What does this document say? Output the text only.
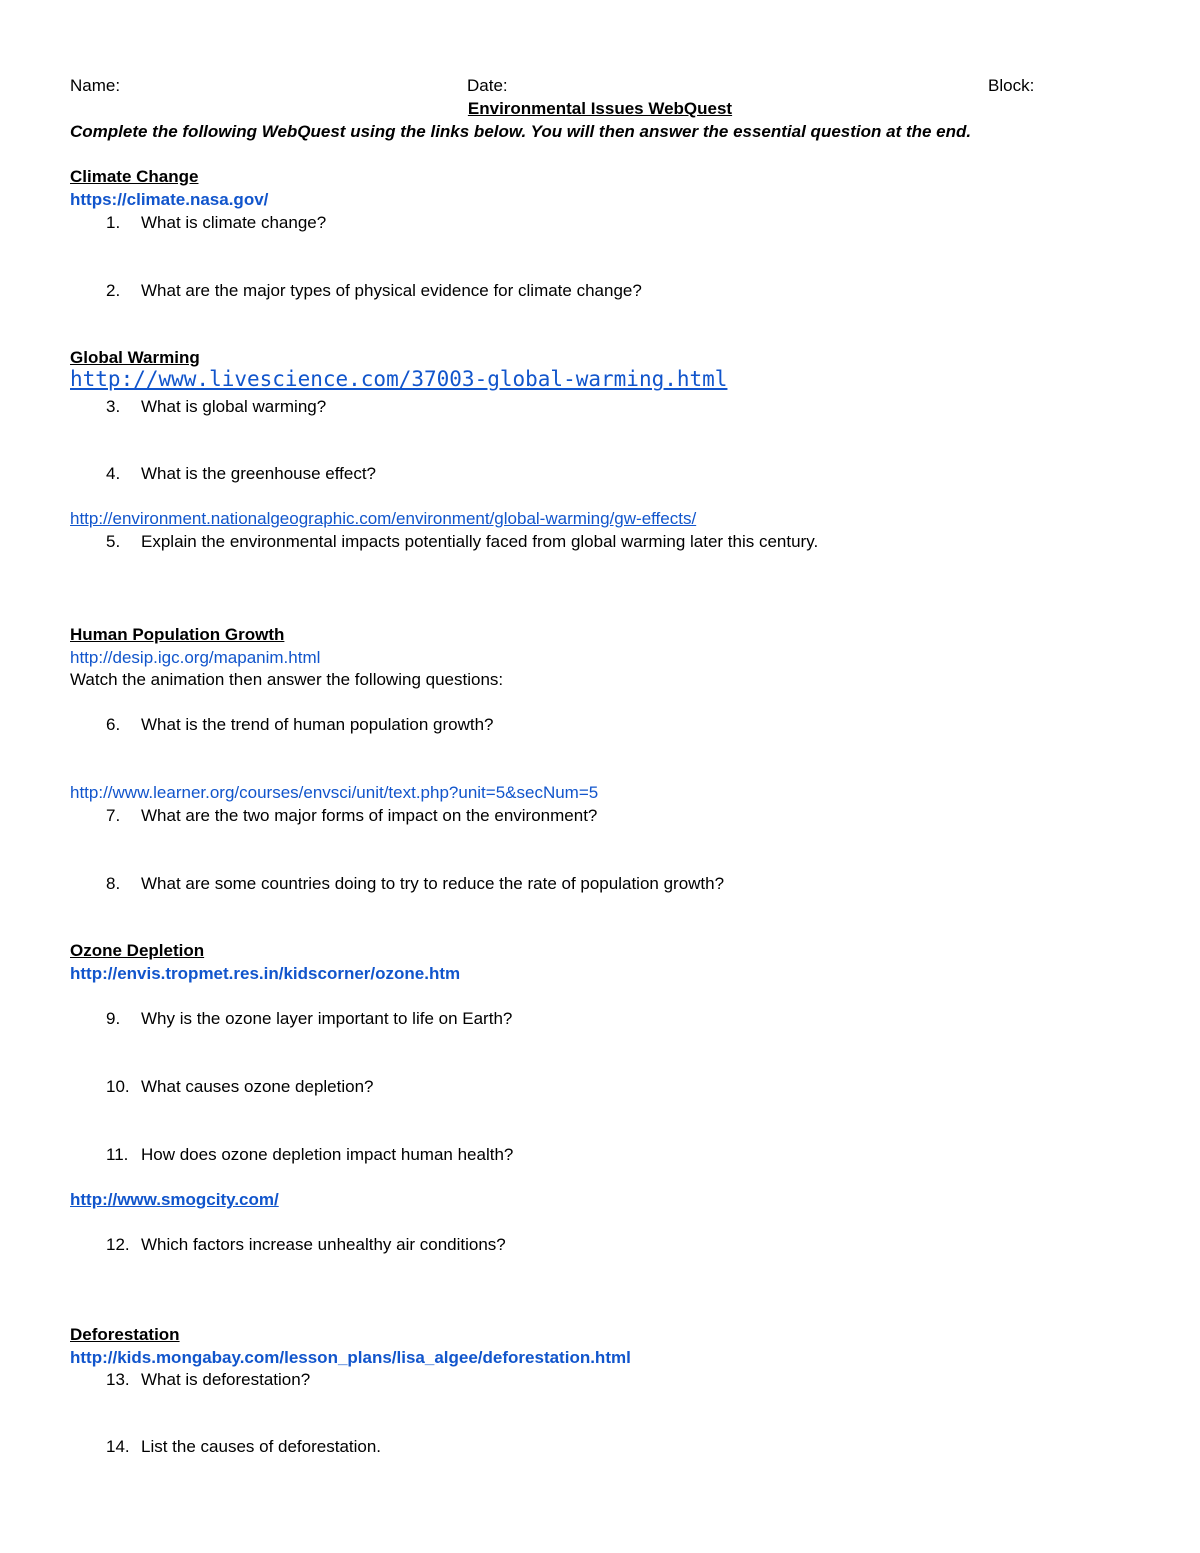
Name:	Date:	Block:
Environmental Issues WebQuest
Complete the following WebQuest using the links below. You will then answer the essential question at the end.
Climate Change
https://climate.nasa.gov/
1. What is climate change?
2. What are the major types of physical evidence for climate change?
Global Warming
http://www.livescience.com/37003-global-warming.html
3. What is global warming?
4. What is the greenhouse effect?
http://environment.nationalgeographic.com/environment/global-warming/gw-effects/
5. Explain the environmental impacts potentially faced from global warming later this century.
Human Population Growth
http://desip.igc.org/mapanim.html
Watch the animation then answer the following questions:
6. What is the trend of human population growth?
http://www.learner.org/courses/envsci/unit/text.php?unit=5&secNum=5
7. What are the two major forms of impact on the environment?
8. What are some countries doing to try to reduce the rate of population growth?
Ozone Depletion
http://envis.tropmet.res.in/kidscorner/ozone.htm
9. Why is the ozone layer important to life on Earth?
10. What causes ozone depletion?
11. How does ozone depletion impact human health?
http://www.smogcity.com/
12. Which factors increase unhealthy air conditions?
Deforestation
http://kids.mongabay.com/lesson_plans/lisa_algee/deforestation.html
13. What is deforestation?
14. List the causes of deforestation.
